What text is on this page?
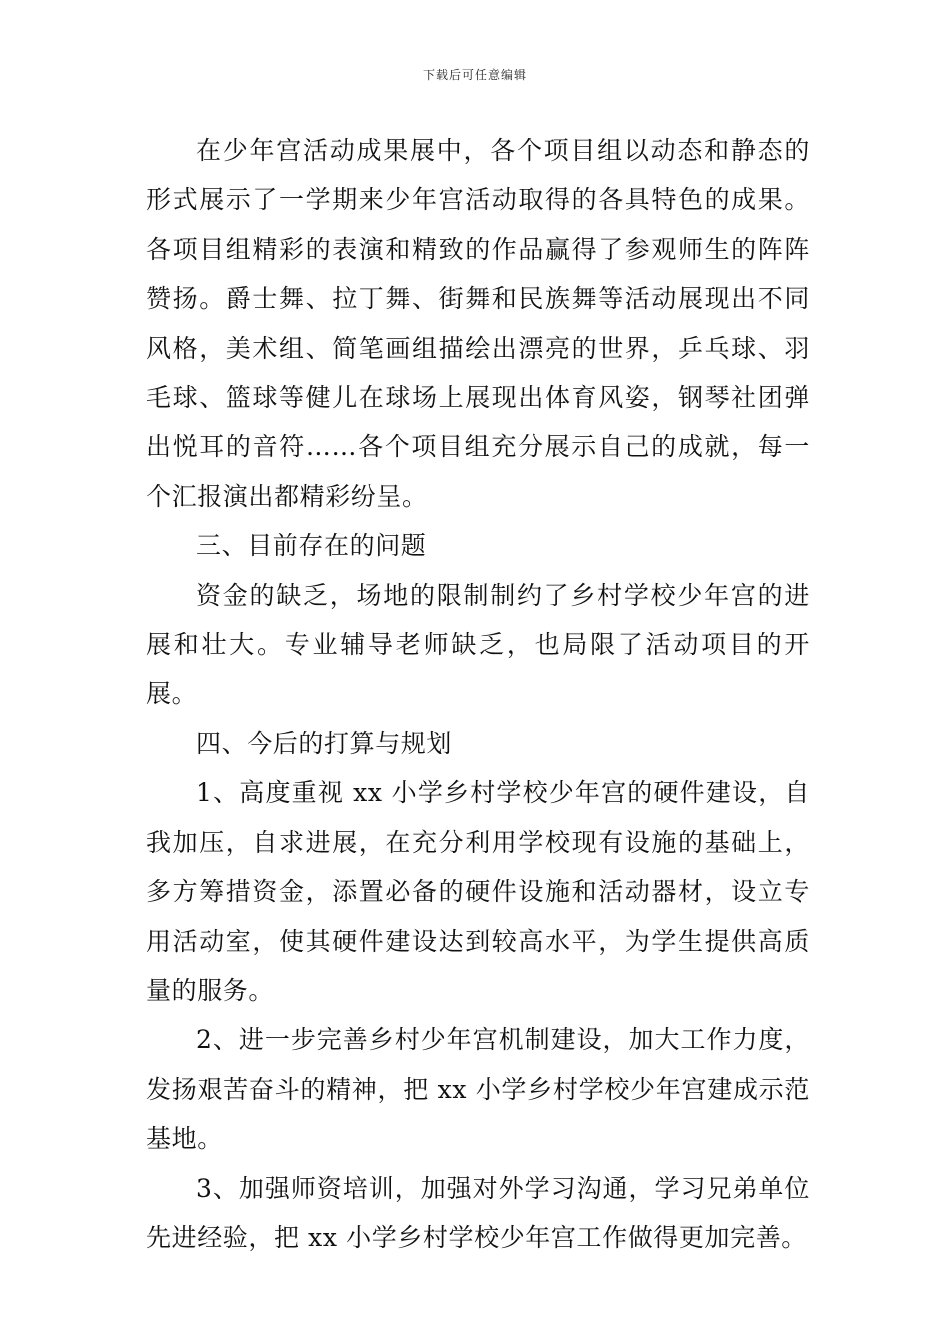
下载后可任意编辑

在少年宫活动成果展中，各个项目组以动态和静态的形式展示了一学期来少年宫活动取得的各具特色的成果。各项目组精彩的表演和精致的作品赢得了参观师生的阵阵赞扬。爵士舞、拉丁舞、街舞和民族舞等活动展现出不同风格，美术组、简笔画组描绘出漂亮的世界，乒乓球、羽毛球、篮球等健儿在球场上展现出体育风姿，钢琴社团弹出悦耳的音符……各个项目组充分展示自己的成就，每一个汇报演出都精彩纷呈。

三、目前存在的问题

资金的缺乏，场地的限制制约了乡村学校少年宫的进展和壮大。专业辅导老师缺乏，也局限了活动项目的开展。

四、今后的打算与规划

1、高度重视 xx 小学乡村学校少年宫的硬件建设，自我加压，自求进展，在充分利用学校现有设施的基础上，多方筹措资金，添置必备的硬件设施和活动器材，设立专用活动室，使其硬件建设达到较高水平，为学生提供高质量的服务。

2、进一步完善乡村少年宫机制建设，加大工作力度，发扬艰苦奋斗的精神，把 xx 小学乡村学校少年宫建成示范基地。

3、加强师资培训，加强对外学习沟通，学习兄弟单位先进经验，把 xx 小学乡村学校少年宫工作做得更加完善。
